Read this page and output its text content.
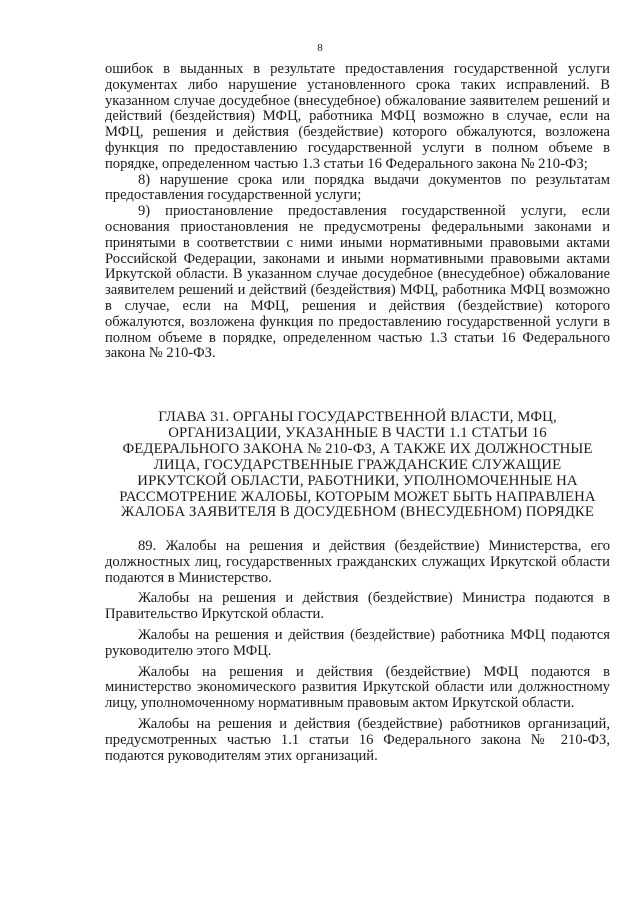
8

ошибок в выданных в результате предоставления государственной услуги документах либо нарушение установленного срока таких исправлений. В указанном случае досудебное (внесудебное) обжалование заявителем решений и действий (бездействия) МФЦ, работника МФЦ возможно в случае, если на МФЦ, решения и действия (бездействие) которого обжалуются, возложена функция по предоставлению государственной услуги в полном объеме в порядке, определенном частью 1.3 статьи 16 Федерального закона № 210-ФЗ;

8) нарушение срока или порядка выдачи документов по результатам предоставления государственной услуги;

9) приостановление предоставления государственной услуги, если основания приостановления не предусмотрены федеральными законами и принятыми в соответствии с ними иными нормативными правовыми актами Российской Федерации, законами и иными нормативными правовыми актами Иркутской области. В указанном случае досудебное (внесудебное) обжалование заявителем решений и действий (бездействия) МФЦ, работника МФЦ возможно в случае, если на МФЦ, решения и действия (бездействие) которого обжалуются, возложена функция по предоставлению государственной услуги в полном объеме в порядке, определенном частью 1.3 статьи 16 Федерального закона № 210-ФЗ.

ГЛАВА 31. ОРГАНЫ ГОСУДАРСТВЕННОЙ ВЛАСТИ, МФЦ,
ОРГАНИЗАЦИИ, УКАЗАННЫЕ В ЧАСТИ 1.1 СТАТЬИ 16
ФЕДЕРАЛЬНОГО ЗАКОНА № 210-ФЗ, А ТАКЖЕ ИХ ДОЛЖНОСТНЫЕ
ЛИЦА, ГОСУДАРСТВЕННЫЕ ГРАЖДАНСКИЕ СЛУЖАЩИЕ
ИРКУТСКОЙ ОБЛАСТИ, РАБОТНИКИ, УПОЛНОМОЧЕННЫЕ НА
РАССМОТРЕНИЕ ЖАЛОБЫ, КОТОРЫМ МОЖЕТ БЫТЬ НАПРАВЛЕНА
ЖАЛОБА ЗАЯВИТЕЛЯ В ДОСУДЕБНОМ (ВНЕСУДЕБНОМ) ПОРЯДКЕ

89. Жалобы на решения и действия (бездействие) Министерства, его должностных лиц, государственных гражданских служащих Иркутской области подаются в Министерство.

Жалобы на решения и действия (бездействие) Министра подаются в Правительство Иркутской области.

Жалобы на решения и действия (бездействие) работника МФЦ подаются руководителю этого МФЦ.

Жалобы на решения и действия (бездействие) МФЦ подаются в министерство экономического развития Иркутской области или должностному лицу, уполномоченному нормативным правовым актом Иркутской области.

Жалобы на решения и действия (бездействие) работников организаций, предусмотренных частью 1.1 статьи 16 Федерального закона № 210-ФЗ, подаются руководителям этих организаций.
